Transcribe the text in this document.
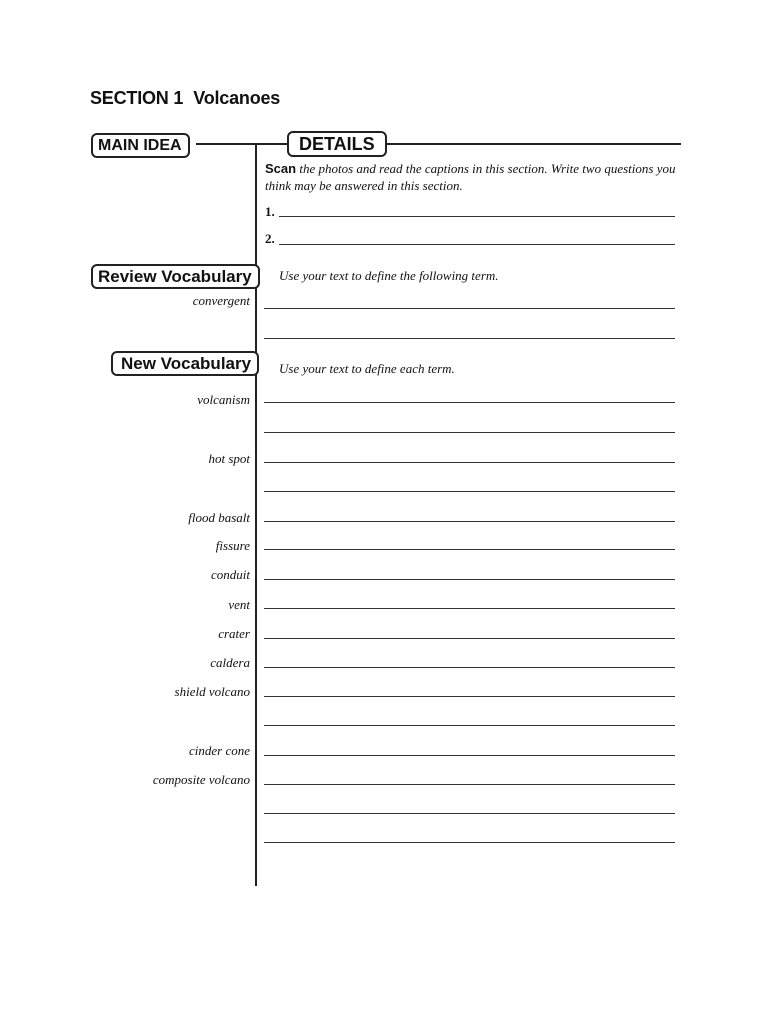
SECTION 1 Volcanoes
MAIN IDEA	DETAILS
Review Vocabulary
New Vocabulary
Scan the photos and read the captions in this section. Write two questions you think may be answered in this section.
1.
2.
Use your text to define the following term.
convergent
Use your text to define each term.
volcanism
hot spot
flood basalt
fissure
conduit
vent
crater
caldera
shield volcano
cinder cone
composite volcano
